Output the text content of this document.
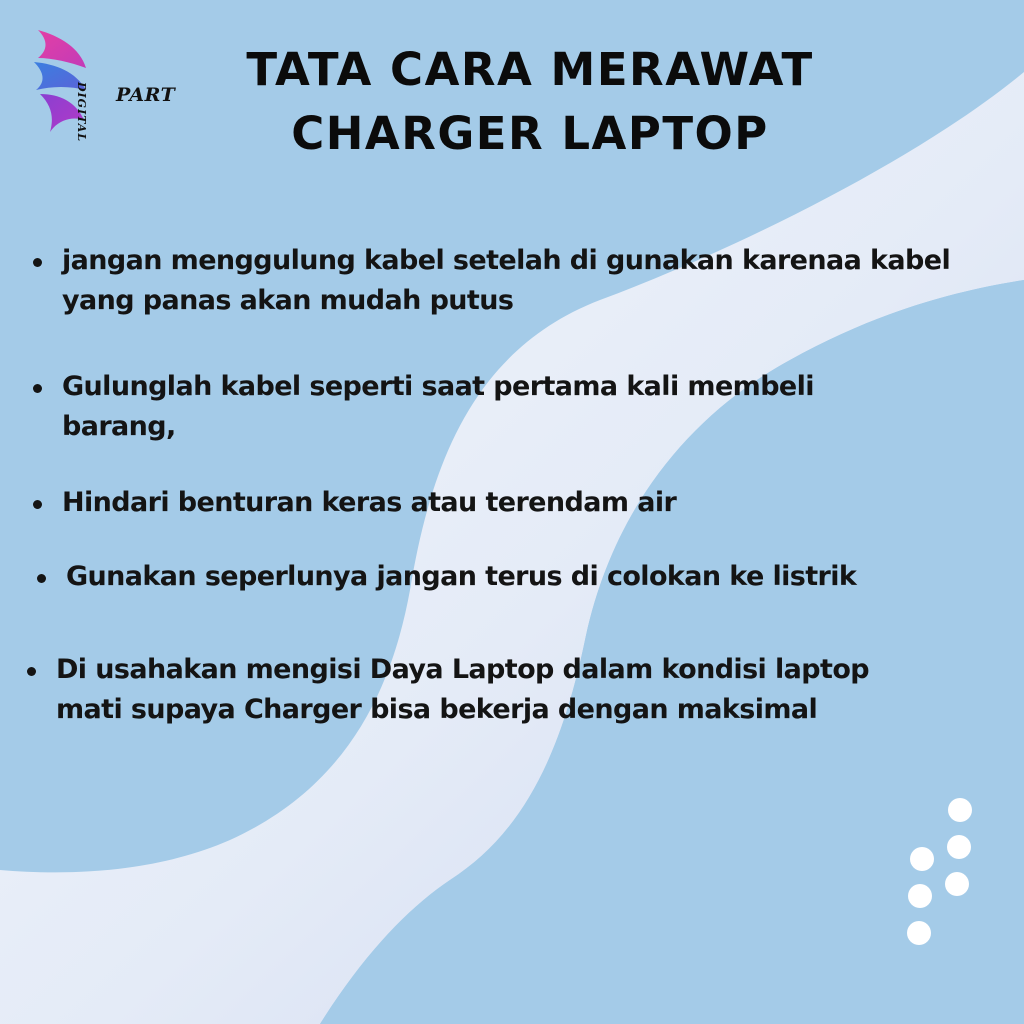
DIGITAL PART	TATA CARA MERAWAT
CHARGER LAPTOP
jangan menggulung kabel setelah di gunakan karenaa kabel
yang panas akan mudah putus
Gulunglah kabel seperti saat pertama kali membeli
barang,
Hindari benturan keras atau terendam air
Gunakan seperlunya jangan terus di colokan ke listrik
Di usahakan mengisi Daya Laptop dalam kondisi laptop
mati supaya Charger bisa bekerja dengan maksimal
